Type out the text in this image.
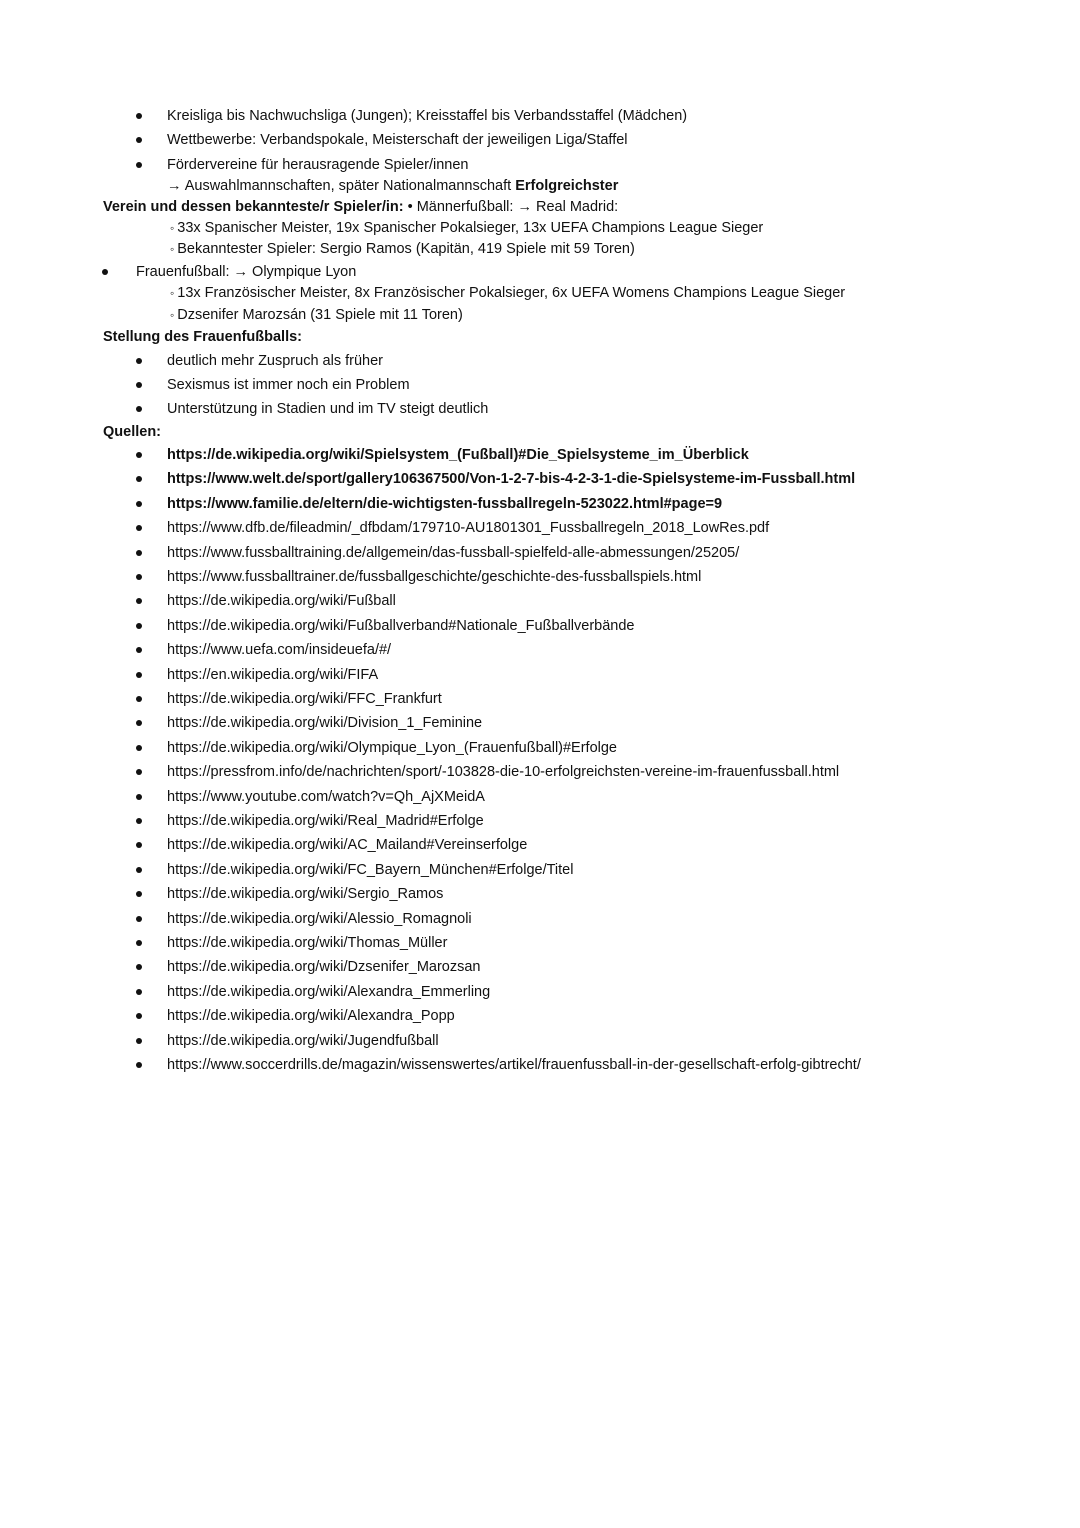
Kreisliga bis Nachwuchsliga (Jungen); Kreisstaffel bis Verbandsstaffel (Mädchen)
Wettbewerbe: Verbandspokale, Meisterschaft der jeweiligen Liga/Staffel
Fördervereine für herausragende Spieler/innen
→ Auswahlmannschaften, später Nationalmannschaft Erfolgreichster
Verein und dessen bekannteste/r Spieler/in: • Männerfußball: → Real Madrid:
◦ 33x Spanischer Meister, 19x Spanischer Pokalsieger, 13x UEFA Champions League Sieger
◦ Bekanntester Spieler: Sergio Ramos (Kapitän, 419 Spiele mit 59 Toren)
Frauenfußball: → Olympique Lyon
◦ 13x Französischer Meister, 8x Französischer Pokalsieger, 6x UEFA Womens Champions League Sieger
◦ Dzsenifer Marozsán (31 Spiele mit 11 Toren)
Stellung des Frauenfußballs:
deutlich mehr Zuspruch als früher
Sexismus ist immer noch ein Problem
Unterstützung in Stadien und im TV steigt deutlich
Quellen:
https://de.wikipedia.org/wiki/Spielsystem_(Fußball)#Die_Spielsysteme_im_Überblick
https://www.welt.de/sport/gallery106367500/Von-1-2-7-bis-4-2-3-1-die-Spielsysteme-im-Fussball.html
https://www.familie.de/eltern/die-wichtigsten-fussballregeln-523022.html#page=9
https://www.dfb.de/fileadmin/_dfbdam/179710-AU1801301_Fussballregeln_2018_LowRes.pdf
https://www.fussballtraining.de/allgemein/das-fussball-spielfeld-alle-abmessungen/25205/
https://www.fussballtrainer.de/fussballgeschichte/geschichte-des-fussballspiels.html
https://de.wikipedia.org/wiki/Fußball
https://de.wikipedia.org/wiki/Fußballverband#Nationale_Fußballverbände
https://www.uefa.com/insideuefa/#/
https://en.wikipedia.org/wiki/FIFA
https://de.wikipedia.org/wiki/FFC_Frankfurt
https://de.wikipedia.org/wiki/Division_1_Feminine
https://de.wikipedia.org/wiki/Olympique_Lyon_(Frauenfußball)#Erfolge
https://pressfrom.info/de/nachrichten/sport/-103828-die-10-erfolgreichsten-vereine-im-frauenfussball.html
https://www.youtube.com/watch?v=Qh_AjXMeidA
https://de.wikipedia.org/wiki/Real_Madrid#Erfolge
https://de.wikipedia.org/wiki/AC_Mailand#Vereinserfolge
https://de.wikipedia.org/wiki/FC_Bayern_München#Erfolge/Titel
https://de.wikipedia.org/wiki/Sergio_Ramos
https://de.wikipedia.org/wiki/Alessio_Romagnoli
https://de.wikipedia.org/wiki/Thomas_Müller
https://de.wikipedia.org/wiki/Dzsenifer_Marozsan
https://de.wikipedia.org/wiki/Alexandra_Emmerling
https://de.wikipedia.org/wiki/Alexandra_Popp
https://de.wikipedia.org/wiki/Jugendfußball
https://www.soccerdrills.de/magazin/wissenswertes/artikel/frauenfussball-in-der-gesellschaft-erfolg-gibtrecht/
